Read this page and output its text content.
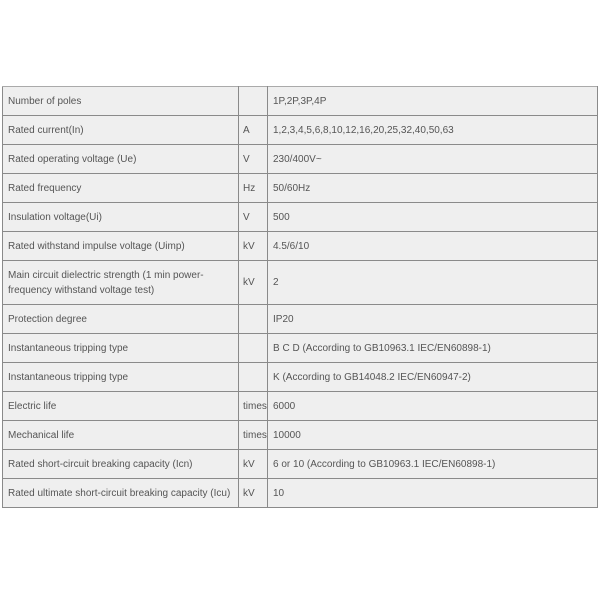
Number of poles		1P,2P,3P,4P
Rated current(In)	A	1,2,3,4,5,6,8,10,12,16,20,25,32,40,50,63
Rated operating voltage (Ue)	V	230/400V~
Rated frequency	Hz	50/60Hz
Insulation voltage(Ui)	V	500
Rated withstand impulse voltage (Uimp)	kV	4.5/6/10
Main circuit dielectric strength (1 min power-frequency withstand voltage test)	kV	2
Protection degree		IP20
Instantaneous tripping type		B C D (According to GB10963.1 IEC/EN60898-1)
Instantaneous tripping type		K (According to GB14048.2 IEC/EN60947-2)
Electric life	times	6000
Mechanical life	times	10000
Rated short-circuit breaking capacity (Icn)	kV	6 or 10 (According to GB10963.1 IEC/EN60898-1)
Rated ultimate short-circuit breaking capacity (Icu)	kV	10
